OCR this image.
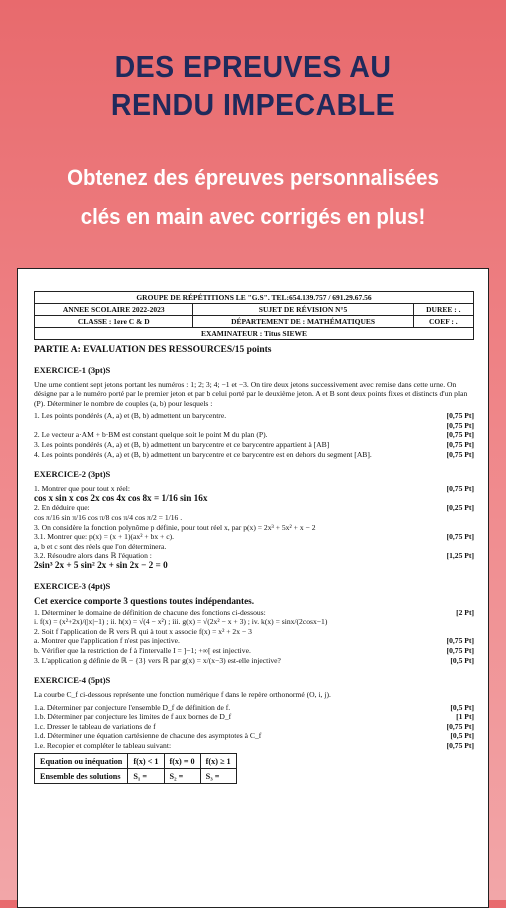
DES EPREUVES AU
RENDU IMPECABLE
Obtenez des épreuves personnalisées
clés en main avec corrigés en plus!
GROUPE DE RÉPÉTITIONS LE "G.S". TEL:654.139.757 / 691.29.67.56		
ANNEE SCOLAIRE 2022-2023	SUJET DE RÉVISION N°5	DUREE : .
CLASSE : 1ere C & D	DÉPARTEMENT DE : MATHÉMATIQUES	COEF : .
EXAMINATEUR : Titus SIEWE		
PARTIE A: EVALUATION DES RESSOURCES/15 points
EXERCICE-1 (3pt)S
Une urne contient sept jetons portant les numéros : 1; 2; 3; 4; −1 et −3. On tire deux jetons successivement avec remise dans cette urne. On désigne par a le numéro porté par le premier jeton et par b celui porté par le deuxième jeton. A et B sont deux points fixes et distincts d'un plan (P). Déterminer le nombre de couples (a, b) pour lesquels :
1. Les points pondérés (A, a) et (B, b) admettent un barycentre.	[0,75 Pt]
[0,75 Pt]
2. Le vecteur a·AM + b·BM est constant quelque soit le point M du plan (P).	[0,75 Pt]
3. Les points pondérés (A, a) et (B, b) admettent un barycentre et ce barycentre appartient à [AB]	[0,75 Pt]
4. Les points pondérés (A, a) et (B, b) admettent un barycentre et ce barycentre est en dehors du segment [AB].	[0,75 Pt]
EXERCICE-2 (3pt)S
1. Montrer que pour tout x réel:	[0,75 Pt]
cos x sin x cos 2x cos 4x cos 8x = 1/16 sin 16x
2. En déduire que:	[0,25 Pt]
cos π/16 sin π/16 cos π/8 cos π/4 cos π/2 = 1/16 .
3. On considère la fonction polynôme p définie, pour tout réel x, par p(x) = 2x³ + 5x² + x − 2
3.1. Montrer que: p(x) = (x + 1)(ax² + bx + c).	[0,75 Pt]
a, b et c sont des réels que l'on déterminera.
3.2. Résoudre alors dans ℝ l'équation :	[1,25 Pt]
2sin³ 2x + 5 sin² 2x + sin 2x − 2 = 0
EXERCICE-3 (4pt)S
Cet exercice comporte 3 questions toutes indépendantes.
1. Déterminer le domaine de définition de chacune des fonctions ci-dessous:	[2 Pt]
i. f(x) = (x²+2x)/(|x|−1) ; ii. h(x) = √(4 − x²) ; iii. g(x) = √(2x² − x + 3) ; iv. k(x) = sinx/(2cosx−1)
2. Soit f l'application de ℝ vers ℝ qui à tout x associe f(x) = x² + 2x − 3
a. Montrer que l'application f n'est pas injective.	[0,75 Pt]
b. Vérifier que la restriction de f à l'intervalle I = ]−1; +∞[ est injective.	[0,75 Pt]
3. L'application g définie de ℝ − {3} vers ℝ par g(x) = x/(x−3) est-elle injective?	[0,5 Pt]
EXERCICE-4 (5pt)S
La courbe C_f ci-dessous représente une fonction numérique f dans le repère orthonormé (O, i, j).
1.a. Déterminer par conjecture l'ensemble D_f de définition de f.	[0,5 Pt]
1.b. Déterminer par conjecture les limites de f aux bornes de D_f	[1 Pt]
1.c. Dresser le tableau de variations de f	[0,75 Pt]
1.d. Déterminer une équation cartésienne de chacune des asymptotes à C_f	[0,5 Pt]
1.e. Recopier et compléter le tableau suivant:	[0,75 Pt]
Equation ou inéquation	f(x) < 1	f(x) = 0	f(x) ≥ 1
Ensemble des solutions	S₁ =	S₂ =	S₃ =
